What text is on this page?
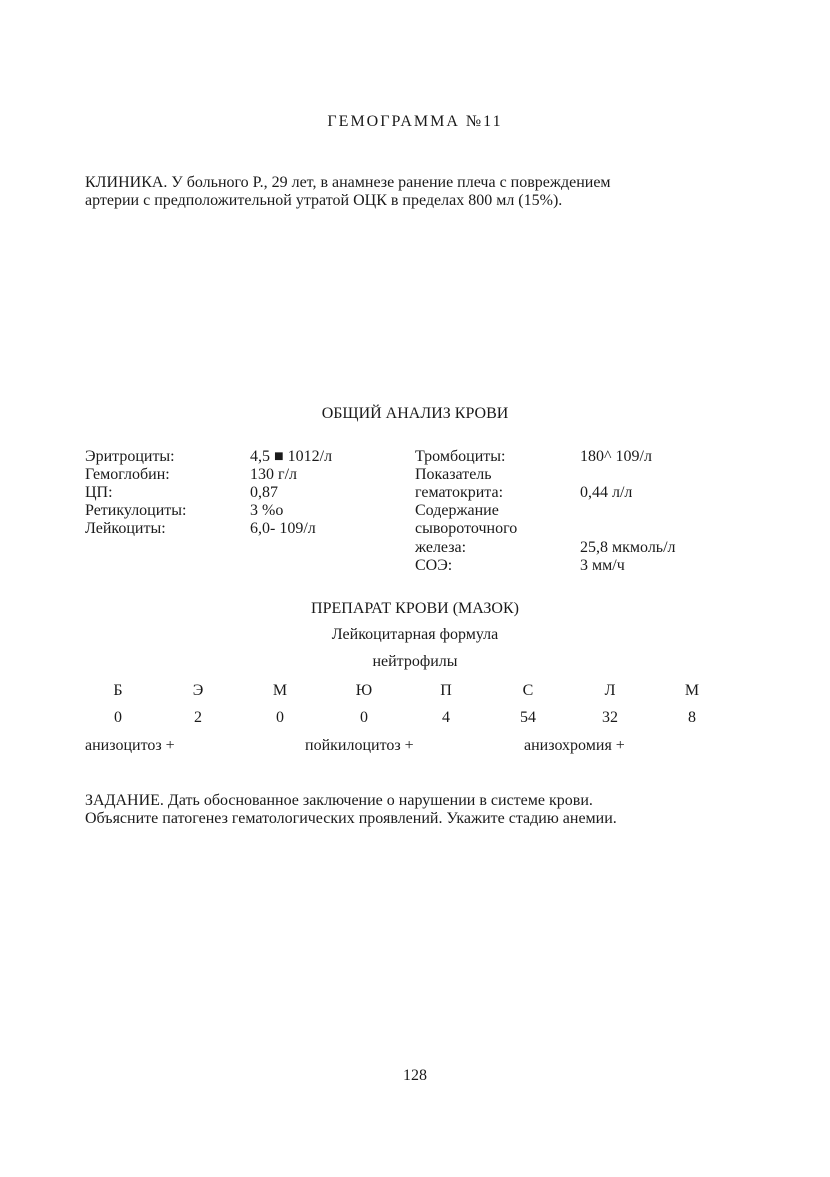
ГЕМОГРАММА №11
КЛИНИКА. У больного Р., 29 лет, в анамнезе ранение плеча с повреждением
артерии с предположительной утратой ОЦК в пределах 800 мл (15%).
ОБЩИЙ АНАЛИЗ КРОВИ
Эритроциты:	4,5 ■ 1012/л
Гемоглобин:	130 г/л
ЦП:	0,87
Ретикулоциты:	3 %о
Лейкоциты:	6,0- 109/л
Тромбоциты:	180^ 109/л
Показатель
гематокрита:	0,44 л/л
Содержание
сывороточного
железа:	25,8 мкмоль/л
СОЭ:	3 мм/ч
ПРЕПАРАТ КРОВИ (МАЗОК)
Лейкоцитарная формула
нейтрофилы
Б	Э	М	Ю	П	С	Л	М
0	2	0	0	4	54	32	8
анизоцитоз +	пойкилоцитоз +	анизохромия +
ЗАДАНИЕ. Дать обоснованное заключение о нарушении в системе крови.
Объясните патогенез гематологических проявлений. Укажите стадию анемии.
128
